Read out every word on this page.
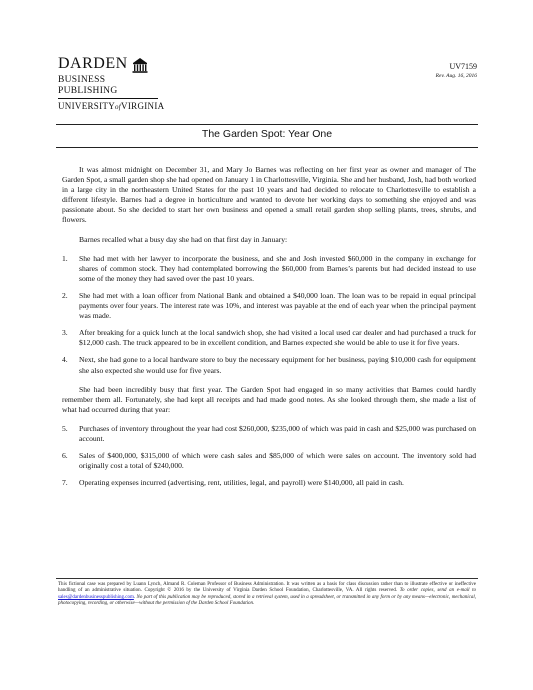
DARDEN
BUSINESS PUBLISHING
UNIVERSITYofVIRGINIA
UV7159
Rev. Aug. 16, 2016
The Garden Spot: Year One

It was almost midnight on December 31, and Mary Jo Barnes was reflecting on her first year as owner and manager of The Garden Spot, a small garden shop she had opened on January 1 in Charlottesville, Virginia. She and her husband, Josh, had both worked in a large city in the northeastern United States for the past 10 years and had decided to relocate to Charlottesville to establish a different lifestyle. Barnes had a degree in horticulture and wanted to devote her working days to something she enjoyed and was passionate about. So she decided to start her own business and opened a small retail garden shop selling plants, trees, shrubs, and flowers.

Barnes recalled what a busy day she had on that first day in January:

1.	She had met with her lawyer to incorporate the business, and she and Josh invested $60,000 in the company in exchange for shares of common stock. They had contemplated borrowing the $60,000 from Barnes’s parents but had decided instead to use some of the money they had saved over the past 10 years.
2.	She had met with a loan officer from National Bank and obtained a $40,000 loan. The loan was to be repaid in equal principal payments over four years. The interest rate was 10%, and interest was payable at the end of each year when the principal payment was made.
3.	After breaking for a quick lunch at the local sandwich shop, she had visited a local used car dealer and had purchased a truck for $12,000 cash. The truck appeared to be in excellent condition, and Barnes expected she would be able to use it for five years.
4.	Next, she had gone to a local hardware store to buy the necessary equipment for her business, paying $10,000 cash for equipment she also expected she would use for five years.

She had been incredibly busy that first year. The Garden Spot had engaged in so many activities that Barnes could hardly remember them all. Fortunately, she had kept all receipts and had made good notes. As she looked through them, she made a list of what had occurred during that year:

5.	Purchases of inventory throughout the year had cost $260,000, $235,000 of which was paid in cash and $25,000 was purchased on account.
6.	Sales of $400,000, $315,000 of which were cash sales and $85,000 of which were sales on account. The inventory sold had originally cost a total of $240,000.
7.	Operating expenses incurred (advertising, rent, utilities, legal, and payroll) were $140,000, all paid in cash.
This fictional case was prepared by Luann Lynch, Almand R. Coleman Professor of Business Administration. It was written as a basis for class discussion rather than to illustrate effective or ineffective handling of an administrative situation. Copyright © 2016 by the University of Virginia Darden School Foundation, Charlottesville, VA. All rights reserved. To order copies, send an e-mail to sales@dardenbusinesspublishing.com. No part of this publication may be reproduced, stored in a retrieval system, used in a spreadsheet, or transmitted in any form or by any means—electronic, mechanical, photocopying, recording, or otherwise—without the permission of the Darden School Foundation.
